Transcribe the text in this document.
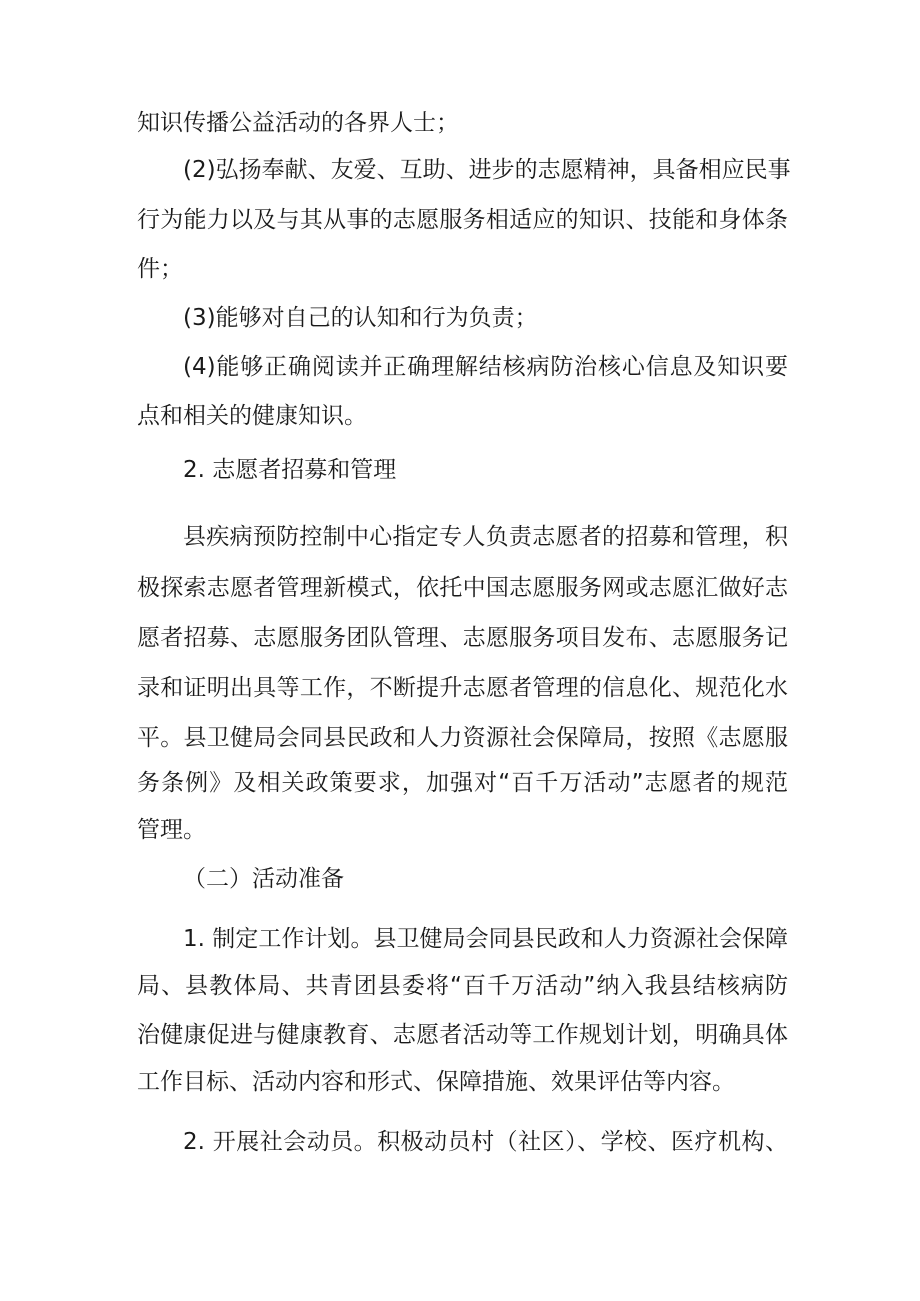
知识传播公益活动的各界人士；
(2)弘扬奉献、友爱、互助、进步的志愿精神，具备相应民事
行为能力以及与其从事的志愿服务相适应的知识、技能和身体条
件；
(3)能够对自己的认知和行为负责；
(4)能够正确阅读并正确理解结核病防治核心信息及知识要
点和相关的健康知识。
2. 志愿者招募和管理
县疾病预防控制中心指定专人负责志愿者的招募和管理，积
极探索志愿者管理新模式，依托中国志愿服务网或志愿汇做好志
愿者招募、志愿服务团队管理、志愿服务项目发布、志愿服务记
录和证明出具等工作，不断提升志愿者管理的信息化、规范化水
平。县卫健局会同县民政和人力资源社会保障局，按照《志愿服
务条例》及相关政策要求，加强对“百千万活动”志愿者的规范
管理。
（二）活动准备
1. 制定工作计划。县卫健局会同县民政和人力资源社会保障
局、县教体局、共青团县委将“百千万活动”纳入我县结核病防
治健康促进与健康教育、志愿者活动等工作规划计划，明确具体
工作目标、活动内容和形式、保障措施、效果评估等内容。
2. 开展社会动员。积极动员村（社区）、学校、医疗机构、
